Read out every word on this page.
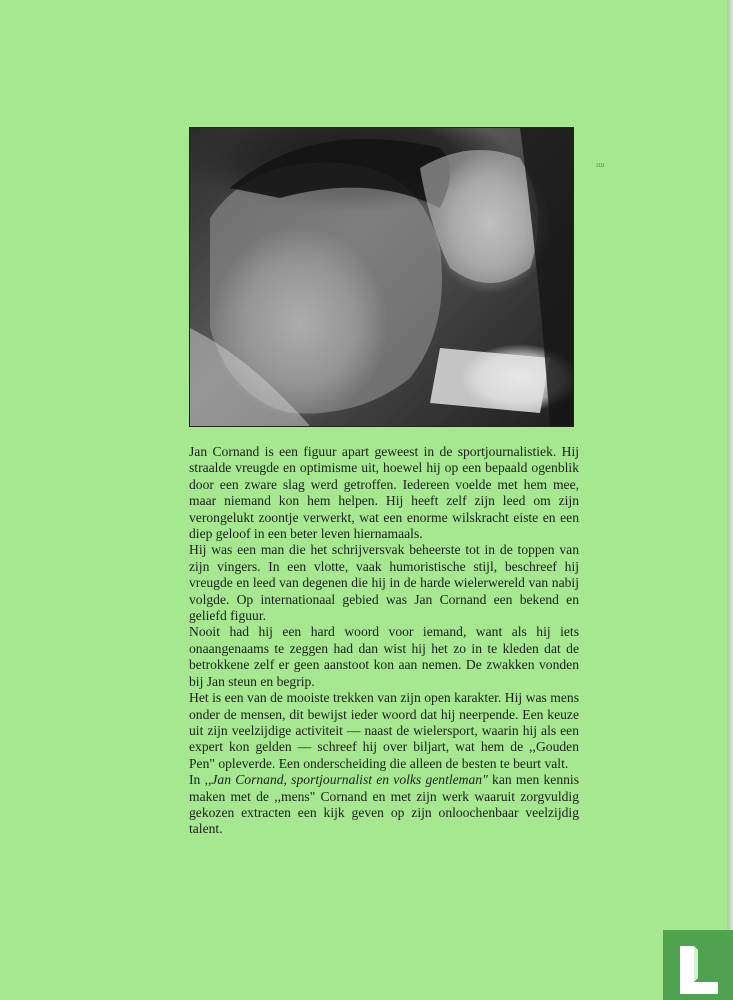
ıш

Jan Cornand is een figuur apart geweest in de sportjournalistiek. Hij straalde vreugde en optimisme uit, hoewel hij op een bepaald ogenblik door een zware slag werd getroffen. Iedereen voelde met hem mee, maar niemand kon hem helpen. Hij heeft zelf zijn leed om zijn verongelukt zoontje verwerkt, wat een enorme wilskracht eiste en een diep geloof in een beter leven hiernamaals.

Hij was een man die het schrijversvak beheerste tot in de toppen van zijn vingers. In een vlotte, vaak humoristische stijl, beschreef hij vreugde en leed van degenen die hij in de harde wielerwereld van nabij volgde. Op internationaal gebied was Jan Cornand een bekend en geliefd figuur.

Nooit had hij een hard woord voor iemand, want als hij iets onaangenaams te zeggen had dan wist hij het zo in te kleden dat de betrokkene zelf er geen aanstoot kon aan nemen. De zwakken vonden bij Jan steun en begrip.

Het is een van de mooiste trekken van zijn open karakter. Hij was mens onder de mensen, dit bewijst ieder woord dat hij neerpende. Een keuze uit zijn veelzijdige activiteit — naast de wielersport, waarin hij als een expert kon gelden — schreef hij over biljart, wat hem de ,,Gouden Pen" opleverde. Een onderscheiding die alleen de besten te beurt valt.

In ,,Jan Cornand, sportjournalist en volks gentleman" kan men kennis maken met de ,,mens" Cornand en met zijn werk waaruit zorgvuldig gekozen extracten een kijk geven op zijn onloochenbaar veelzijdig talent.
